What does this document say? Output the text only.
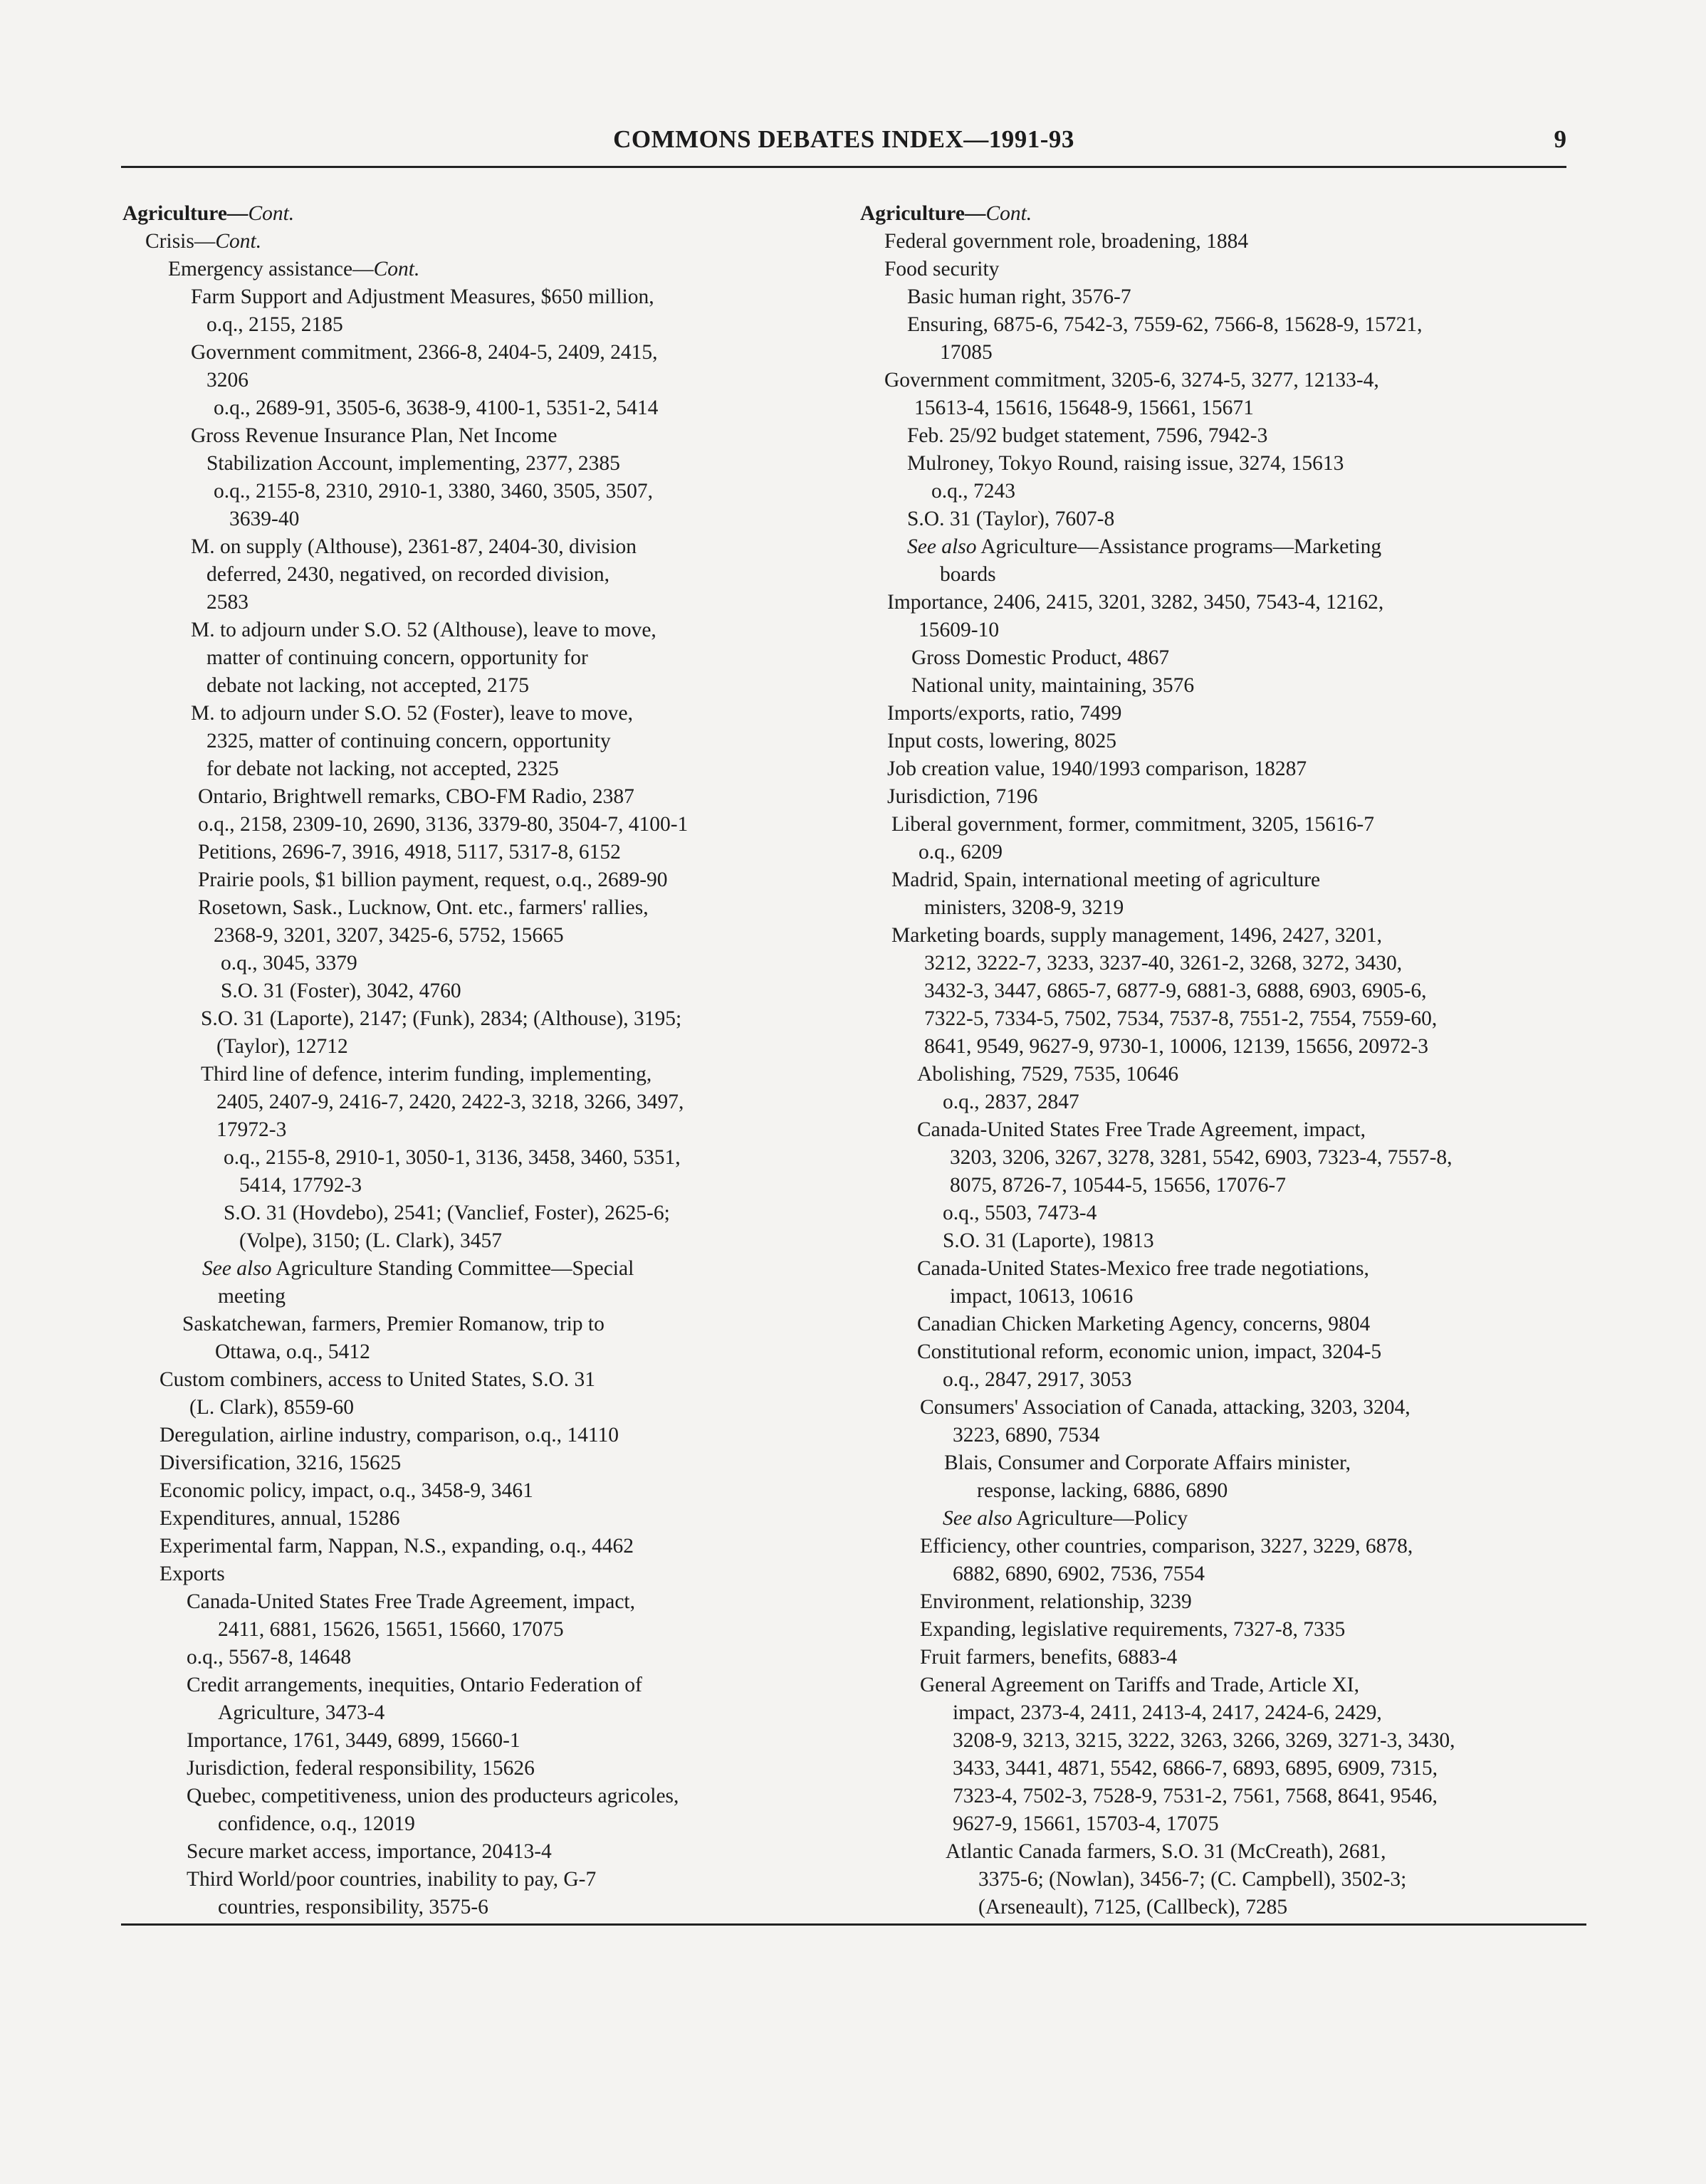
COMMONS DEBATES INDEX—1991-93	9
Agriculture—Cont.
Crisis—Cont.
Emergency assistance—Cont.
Farm Support and Adjustment Measures, $650 million,
o.q., 2155, 2185
Government commitment, 2366-8, 2404-5, 2409, 2415,
3206
o.q., 2689-91, 3505-6, 3638-9, 4100-1, 5351-2, 5414
Gross Revenue Insurance Plan, Net Income
Stabilization Account, implementing, 2377, 2385
o.q., 2155-8, 2310, 2910-1, 3380, 3460, 3505, 3507,
3639-40
M. on supply (Althouse), 2361-87, 2404-30, division
deferred, 2430, negatived, on recorded division,
2583
M. to adjourn under S.O. 52 (Althouse), leave to move,
matter of continuing concern, opportunity for
debate not lacking, not accepted, 2175
M. to adjourn under S.O. 52 (Foster), leave to move,
2325, matter of continuing concern, opportunity
for debate not lacking, not accepted, 2325
Ontario, Brightwell remarks, CBO-FM Radio, 2387
o.q., 2158, 2309-10, 2690, 3136, 3379-80, 3504-7, 4100-1
Petitions, 2696-7, 3916, 4918, 5117, 5317-8, 6152
Prairie pools, $1 billion payment, request, o.q., 2689-90
Rosetown, Sask., Lucknow, Ont. etc., farmers' rallies,
2368-9, 3201, 3207, 3425-6, 5752, 15665
o.q., 3045, 3379
S.O. 31 (Foster), 3042, 4760
S.O. 31 (Laporte), 2147; (Funk), 2834; (Althouse), 3195;
(Taylor), 12712
Third line of defence, interim funding, implementing,
2405, 2407-9, 2416-7, 2420, 2422-3, 3218, 3266, 3497,
17972-3
o.q., 2155-8, 2910-1, 3050-1, 3136, 3458, 3460, 5351,
5414, 17792-3
S.O. 31 (Hovdebo), 2541; (Vanclief, Foster), 2625-6;
(Volpe), 3150; (L. Clark), 3457
See also Agriculture Standing Committee—Special
meeting
Saskatchewan, farmers, Premier Romanow, trip to
Ottawa, o.q., 5412
Custom combiners, access to United States, S.O. 31
(L. Clark), 8559-60
Deregulation, airline industry, comparison, o.q., 14110
Diversification, 3216, 15625
Economic policy, impact, o.q., 3458-9, 3461
Expenditures, annual, 15286
Experimental farm, Nappan, N.S., expanding, o.q., 4462
Exports
Canada-United States Free Trade Agreement, impact,
2411, 6881, 15626, 15651, 15660, 17075
o.q., 5567-8, 14648
Credit arrangements, inequities, Ontario Federation of
Agriculture, 3473-4
Importance, 1761, 3449, 6899, 15660-1
Jurisdiction, federal responsibility, 15626
Quebec, competitiveness, union des producteurs agricoles,
confidence, o.q., 12019
Secure market access, importance, 20413-4
Third World/poor countries, inability to pay, G-7
countries, responsibility, 3575-6
Agriculture—Cont.
Federal government role, broadening, 1884
Food security
Basic human right, 3576-7
Ensuring, 6875-6, 7542-3, 7559-62, 7566-8, 15628-9, 15721,
17085
Government commitment, 3205-6, 3274-5, 3277, 12133-4,
15613-4, 15616, 15648-9, 15661, 15671
Feb. 25/92 budget statement, 7596, 7942-3
Mulroney, Tokyo Round, raising issue, 3274, 15613
o.q., 7243
S.O. 31 (Taylor), 7607-8
See also Agriculture—Assistance programs—Marketing
boards
Importance, 2406, 2415, 3201, 3282, 3450, 7543-4, 12162,
15609-10
Gross Domestic Product, 4867
National unity, maintaining, 3576
Imports/exports, ratio, 7499
Input costs, lowering, 8025
Job creation value, 1940/1993 comparison, 18287
Jurisdiction, 7196
Liberal government, former, commitment, 3205, 15616-7
o.q., 6209
Madrid, Spain, international meeting of agriculture
ministers, 3208-9, 3219
Marketing boards, supply management, 1496, 2427, 3201,
3212, 3222-7, 3233, 3237-40, 3261-2, 3268, 3272, 3430,
3432-3, 3447, 6865-7, 6877-9, 6881-3, 6888, 6903, 6905-6,
7322-5, 7334-5, 7502, 7534, 7537-8, 7551-2, 7554, 7559-60,
8641, 9549, 9627-9, 9730-1, 10006, 12139, 15656, 20972-3
Abolishing, 7529, 7535, 10646
o.q., 2837, 2847
Canada-United States Free Trade Agreement, impact,
3203, 3206, 3267, 3278, 3281, 5542, 6903, 7323-4, 7557-8,
8075, 8726-7, 10544-5, 15656, 17076-7
o.q., 5503, 7473-4
S.O. 31 (Laporte), 19813
Canada-United States-Mexico free trade negotiations,
impact, 10613, 10616
Canadian Chicken Marketing Agency, concerns, 9804
Constitutional reform, economic union, impact, 3204-5
o.q., 2847, 2917, 3053
Consumers' Association of Canada, attacking, 3203, 3204,
3223, 6890, 7534
Blais, Consumer and Corporate Affairs minister,
response, lacking, 6886, 6890
See also Agriculture—Policy
Efficiency, other countries, comparison, 3227, 3229, 6878,
6882, 6890, 6902, 7536, 7554
Environment, relationship, 3239
Expanding, legislative requirements, 7327-8, 7335
Fruit farmers, benefits, 6883-4
General Agreement on Tariffs and Trade, Article XI,
impact, 2373-4, 2411, 2413-4, 2417, 2424-6, 2429,
3208-9, 3213, 3215, 3222, 3263, 3266, 3269, 3271-3, 3430,
3433, 3441, 4871, 5542, 6866-7, 6893, 6895, 6909, 7315,
7323-4, 7502-3, 7528-9, 7531-2, 7561, 7568, 8641, 9546,
9627-9, 15661, 15703-4, 17075
Atlantic Canada farmers, S.O. 31 (McCreath), 2681,
3375-6; (Nowlan), 3456-7; (C. Campbell), 3502-3;
(Arseneault), 7125, (Callbeck), 7285
